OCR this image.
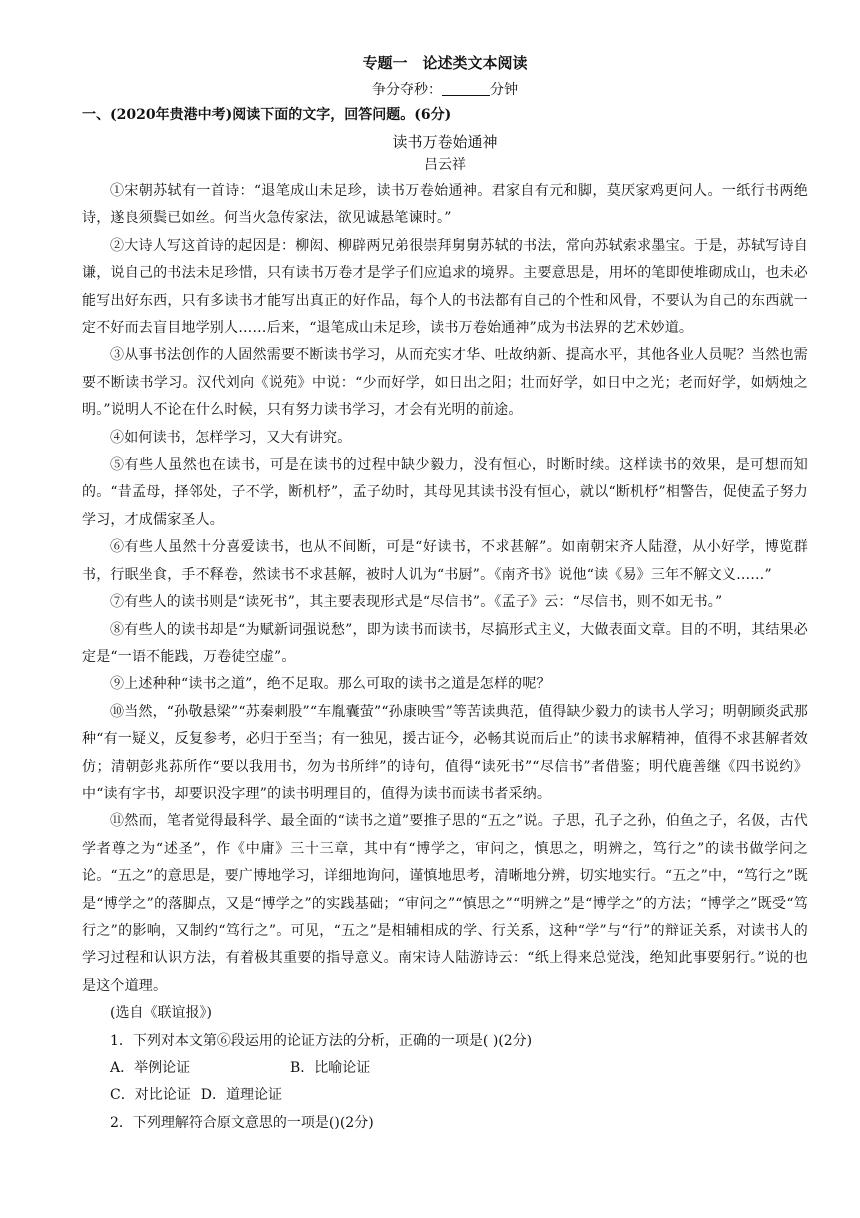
专题一　论述类文本阅读
争分夺秒：	分钟
一、(2020年贵港中考)阅读下面的文字，回答问题。(6分)
读书万卷始通神
吕云祥

①宋朝苏轼有一首诗：“退笔成山未足珍，读书万卷始通神。君家自有元和脚，莫厌家鸡更问人。一纸行书两绝诗，遂良须鬓已如丝。何当火急传家法，欲见诚悬笔谏时。”

②大诗人写这首诗的起因是：柳闳、柳辟两兄弟很崇拜舅舅苏轼的书法，常向苏轼索求墨宝。于是，苏轼写诗自谦，说自己的书法未足珍惜，只有读书万卷才是学子们应追求的境界。主要意思是，用坏的笔即使堆砌成山，也未必能写出好东西，只有多读书才能写出真正的好作品，每个人的书法都有自己的个性和风骨，不要认为自己的东西就一定不好而去盲目地学别人……后来，“退笔成山未足珍，读书万卷始通神”成为书法界的艺术妙道。

③从事书法创作的人固然需要不断读书学习，从而充实才华、吐故纳新、提高水平，其他各业人员呢？当然也需要不断读书学习。汉代刘向《说苑》中说：“少而好学，如日出之阳；壮而好学，如日中之光；老而好学，如炳烛之明。”说明人不论在什么时候，只有努力读书学习，才会有光明的前途。

④如何读书，怎样学习，又大有讲究。

⑤有些人虽然也在读书，可是在读书的过程中缺少毅力，没有恒心，时断时续。这样读书的效果，是可想而知的。“昔孟母，择邻处，子不学，断机杼”，孟子幼时，其母见其读书没有恒心，就以“断机杼”相警告，促使孟子努力学习，才成儒家圣人。

⑥有些人虽然十分喜爱读书，也从不间断，可是“好读书，不求甚解”。如南朝宋齐人陆澄，从小好学，博览群书，行眠坐食，手不释卷，然读书不求甚解，被时人讥为“书厨”。《南齐书》说他“读《易》三年不解文义……”

⑦有些人的读书则是“读死书”，其主要表现形式是“尽信书”。《孟子》云：“尽信书，则不如无书。”

⑧有些人的读书却是“为赋新词强说愁”，即为读书而读书，尽搞形式主义，大做表面文章。目的不明，其结果必定是“一语不能践，万卷徒空虚”。

⑨上述种种“读书之道”，绝不足取。那么可取的读书之道是怎样的呢？

⑩当然，“孙敬悬梁”“苏秦刺股”“车胤囊萤”“孙康映雪”等苦读典范，值得缺少毅力的读书人学习；明朝顾炎武那种“有一疑义，反复参考，必归于至当；有一独见，援古证今，必畅其说而后止”的读书求解精神，值得不求甚解者效仿；清朝彭兆荪所作“要以我用书，勿为书所绊”的诗句，值得“读死书”“尽信书”者借鉴；明代鹿善继《四书说约》中“读有字书，却要识没字理”的读书明理目的，值得为读书而读书者采纳。

⑪然而，笔者觉得最科学、最全面的“读书之道”要推子思的“五之”说。子思，孔子之孙，伯鱼之子，名伋，古代学者尊之为“述圣”，作《中庸》三十三章，其中有“博学之，审问之，慎思之，明辨之，笃行之”的读书做学问之论。“五之”的意思是，要广博地学习，详细地询问，谨慎地思考，清晰地分辨，切实地实行。“五之”中，“笃行之”既是“博学之”的落脚点，又是“博学之”的实践基础；“审问之”“慎思之”“明辨之”是“博学之”的方法；“博学之”既受“笃行之”的影响，又制约“笃行之”。可见，“五之”是相辅相成的学、行关系，这种“学”与“行”的辩证关系，对读书人的学习过程和认识方法，有着极其重要的指导意义。南宋诗人陆游诗云：“纸上得来总觉浅，绝知此事要躬行。”说的也是这个道理。

(选自《联谊报》)

1．下列对本文第⑥段运用的论证方法的分析，正确的一项是( )(2分)

A．举例论证	B．比喻论证
C．对比论证 D．道理论证

2．下列理解符合原文意思的一项是()(2分)
